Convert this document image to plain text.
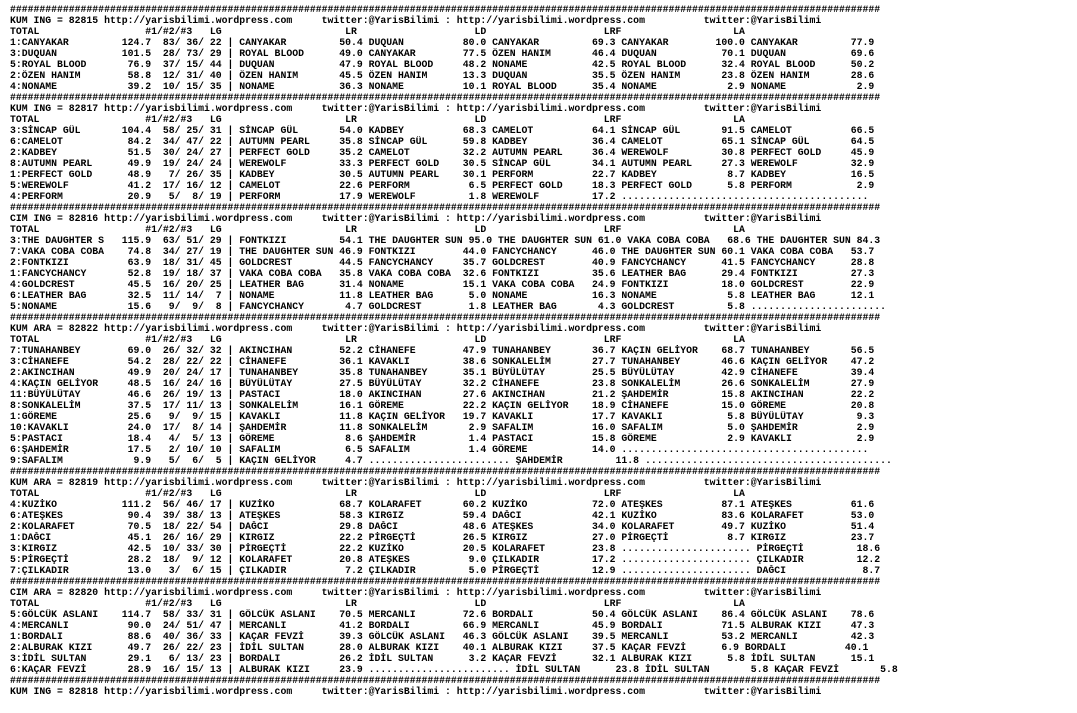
####################################################################################################################################################
KUM ING = 82815 http://yarisbilimi.wordpress.com     twitter:@YarisBilimi : http://yarisbilimi.wordpress.com          twitter:@YarisBilimi
TOTAL                  #1/#2/#3   LG                     LR                    LD                    LRF                   LA
1:CANYAKAR         124.7  83/ 36/ 22 | CANYAKAR         50.4 DUQUAN          80.0 CANYAKAR         69.3 CANYAKAR        100.0 CANYAKAR         77.9
3:DUQUAN           101.5  28/ 73/ 29 | ROYAL BLOOD      49.0 CANYAKAR        77.5 ÖZEN HANIM       46.4 DUQUAN           70.1 DUQUAN           69.6
5:ROYAL BLOOD       76.9  37/ 15/ 44 | DUQUAN           47.9 ROYAL BLOOD     48.2 NONAME           42.5 ROYAL BLOOD      32.4 ROYAL BLOOD      50.2
2:ÖZEN HANIM        58.8  12/ 31/ 40 | ÖZEN HANIM       45.5 ÖZEN HANIM      13.3 DUQUAN           35.5 ÖZEN HANIM       23.8 ÖZEN HANIM       28.6
4:NONAME            39.2  10/ 15/ 35 | NONAME           36.3 NONAME          10.1 ROYAL BLOOD      35.4 NONAME            2.9 NONAME            2.9
####################################################################################################################################################
KUM ING = 82817 http://yarisbilimi.wordpress.com     twitter:@YarisBilimi : http://yarisbilimi.wordpress.com          twitter:@YarisBilimi
TOTAL                  #1/#2/#3   LG                     LR                    LD                    LRF                   LA
3:SİNCAP GÜL       104.4  58/ 25/ 31 | SİNCAP GÜL       54.0 KADBEY          68.3 CAMELOT          64.1 SİNCAP GÜL       91.5 CAMELOT          66.5
6:CAMELOT           84.2  34/ 47/ 22 | AUTUMN PEARL     35.8 SİNCAP GÜL      59.8 KADBEY           36.4 CAMELOT          65.1 SİNCAP GÜL       64.5
2:KADBEY            51.5  30/ 24/ 27 | PERFECT GOLD     35.2 CAMELOT         32.2 AUTUMN PEARL     36.4 WEREWOLF         30.8 PERFECT GOLD     45.9
8:AUTUMN PEARL      49.9  19/ 24/ 24 | WEREWOLF         33.3 PERFECT GOLD    30.5 SİNCAP GÜL       34.1 AUTUMN PEARL     27.3 WEREWOLF         32.9
1:PERFECT GOLD      48.9   7/ 26/ 35 | KADBEY           30.5 AUTUMN PEARL    30.1 PERFORM          22.7 KADBEY            8.7 KADBEY           16.5
5:WEREWOLF          41.2  17/ 16/ 12 | CAMELOT          22.6 PERFORM          6.5 PERFECT GOLD     18.3 PERFECT GOLD      5.8 PERFORM           2.9
4:PERFORM           20.9   5/  8/ 19 | PERFORM          17.9 WEREWOLF         1.8 WEREWOLF         17.2 ..........................................
####################################################################################################################################################
CIM ING = 82816 http://yarisbilimi.wordpress.com     twitter:@YarisBilimi : http://yarisbilimi.wordpress.com          twitter:@YarisBilimi
TOTAL                  #1/#2/#3   LG                     LR                    LD                    LRF                   LA
3:THE DAUGHTER S   115.9  63/ 51/ 29 | FONTKIZI         54.1 THE DAUGHTER SUN 95.0 THE DAUGHTER SUN 61.0 VAKA COBA COBA   68.6 THE DAUGHTER SUN 84.3
7:VAKA COBA COBA    74.8  34/ 27/ 19 | THE DAUGHTER SUN 46.9 FONTKIZI        44.0 FANCYCHANCY      46.0 THE DAUGHTER SUN 60.1 VAKA COBA COBA   53.7
2:FONTKIZI          63.9  18/ 31/ 45 | GOLDCREST        44.5 FANCYCHANCY     35.7 GOLDCREST        40.9 FANCYCHANCY      41.5 FANCYCHANCY      28.8
1:FANCYCHANCY       52.8  19/ 18/ 37 | VAKA COBA COBA   35.8 VAKA COBA COBA  32.6 FONTKIZI         35.6 LEATHER BAG      29.4 FONTKIZI         27.3
4:GOLDCREST         45.5  16/ 20/ 25 | LEATHER BAG      31.4 NONAME          15.1 VAKA COBA COBA   24.9 FONTKIZI         18.0 GOLDCREST        22.9
6:LEATHER BAG       32.5  11/ 14/  7 | NONAME           11.8 LEATHER BAG      5.0 NONAME           16.3 NONAME            5.8 LEATHER BAG      12.1
5:NONAME            15.6   9/  9/  8 | FANCYCHANCY       4.7 GOLDCREST        1.8 LEATHER BAG       4.3 GOLDCREST         5.8 .......................
####################################################################################################################################################
KUM ARA = 82822 http://yarisbilimi.wordpress.com     twitter:@YarisBilimi : http://yarisbilimi.wordpress.com          twitter:@YarisBilimi
TOTAL                  #1/#2/#3   LG                     LR                    LD                    LRF                   LA
7:TUNAHANBEY        69.0  26/ 32/ 32 | AKINCIHAN        52.2 CİHANEFE        47.9 TUNAHANBEY       36.7 KAÇIN GELİYOR    68.7 TUNAHANBEY       56.5
3:CİHANEFE          54.2  28/ 22/ 22 | CİHANEFE         36.1 KAVAKLI         38.6 SONKALELİM       27.7 TUNAHANBEY       46.6 KAÇIN GELİYOR    47.2
2:AKINCIHAN         49.9  20/ 24/ 17 | TUNAHANBEY       35.8 TUNAHANBEY      35.1 BÜYÜLÜTAY        25.5 BÜYÜLÜTAY        42.9 CİHANEFE         39.4
4:KAÇIN GELİYOR     48.5  16/ 24/ 16 | BÜYÜLÜTAY        27.5 BÜYÜLÜTAY       32.2 CİHANEFE         23.8 SONKALELİM       26.6 SONKALELİM       27.9
11:BÜYÜLÜTAY        46.6  26/ 19/ 13 | PASTACI          18.0 AKINCIHAN       27.6 AKINCIHAN        21.2 ŞAHDEMİR         15.8 AKINCIHAN        22.2
8:SONKALELİM        37.5  17/ 11/ 13 | SONKALELİM       16.1 GÖREME          22.2 KAÇIN GELİYOR    18.9 CİHANEFE         15.0 GÖREME           20.8
1:GÖREME            25.6   9/  9/ 15 | KAVAKLI          11.8 KAÇIN GELİYOR   19.7 KAVAKLI          17.7 KAVAKLI           5.8 BÜYÜLÜTAY         9.3
10:KAVAKLI          24.0  17/  8/ 14 | ŞAHDEMİR         11.8 SONKALELİM       2.9 SAFALIM          16.0 SAFALIM           5.0 ŞAHDEMİR          2.9
5:PASTACI           18.4   4/  5/ 13 | GÖREME            8.6 ŞAHDEMİR         1.4 PASTACI          15.8 GÖREME            2.9 KAVAKLI           2.9
6:ŞAHDEMİR          17.5   2/ 10/ 10 | SAFALIM           6.5 SAFALIM          1.4 GÖREME           14.0 ..........................................
9:SAFALIM            9.9   5/  6/  5 | KAÇIN GELİYOR     4.7 ........................ ŞAHDEMİR         11.8 ..........................................
####################################################################################################################################################
KUM ARA = 82819 http://yarisbilimi.wordpress.com     twitter:@YarisBilimi : http://yarisbilimi.wordpress.com          twitter:@YarisBilimi
TOTAL                  #1/#2/#3   LG                     LR                    LD                    LRF                   LA
4:KUZİKO           111.2  56/ 46/ 17 | KUZİKO           68.7 KOLARAFET       60.2 KUZİKO           72.0 ATEŞKES          87.1 ATEŞKES          61.6
6:ATEŞKES           90.4  39/ 38/ 13 | ATEŞKES          58.3 KIRGIZ          59.4 DAĞCI            42.1 KUZİKO           83.6 KOLARAFET        53.0
2:KOLARAFET         70.5  18/ 22/ 54 | DAĞCI            29.8 DAĞCI           48.6 ATEŞKES          34.0 KOLARAFET        49.7 KUZİKO           51.4
1:DAĞCI             45.1  26/ 16/ 29 | KIRGIZ           22.2 PİRGEÇTİ        26.5 KIRGIZ           27.0 PİRGEÇTİ          8.7 KIRGIZ           23.7
3:KIRGIZ            42.5  10/ 33/ 30 | PİRGEÇTİ         22.2 KUZİKO          20.5 KOLARAFET        23.8 ...................... PİRGEÇTİ         18.6
5:PİRGEÇTİ          28.2  18/  9/ 12 | KOLARAFET        20.8 ATEŞKES          9.0 ÇILKADIR         17.2 ...................... ÇILKADIR         12.2
7:ÇILKADIR          13.0   3/  6/ 15 | ÇILKADIR          7.2 ÇILKADIR         5.0 PİRGEÇTİ         12.9 ...................... DAĞCI             8.7
####################################################################################################################################################
CIM ARA = 82820 http://yarisbilimi.wordpress.com     twitter:@YarisBilimi : http://yarisbilimi.wordpress.com          twitter:@YarisBilimi
TOTAL                  #1/#2/#3   LG                     LR                    LD                    LRF                   LA
5:GÖLCÜK ASLANI    114.7  58/ 33/ 31 | GÖLCÜK ASLANI    70.5 MERCANLI        72.6 BORDALI          50.4 GÖLCÜK ASLANI    86.4 GÖLCÜK ASLANI    78.6
4:MERCANLI          90.0  24/ 51/ 47 | MERCANLI         41.2 BORDALI         66.9 MERCANLI         45.9 BORDALI          71.5 ALBURAK KIZI     47.3
1:BORDALI           88.6  40/ 36/ 33 | KAÇAR FEVZİ      39.3 GÖLCÜK ASLANI   46.3 GÖLCÜK ASLANI    39.5 MERCANLI         53.2 MERCANLI         42.3
2:ALBURAK KIZI      49.7  26/ 22/ 23 | İDİL SULTAN      28.0 ALBURAK KIZI    40.1 ALBURAK KIZI     37.5 KAÇAR FEVZİ      6.9 BORDALI          40.1
3:İDİL SULTAN       29.1   6/ 13/ 23 | BORDALI          26.2 İDİL SULTAN      3.2 KAÇAR FEVZİ      32.1 ALBURAK KIZI      5.8 İDİL SULTAN      15.1
6:KAÇAR FEVZİ       28.9  16/ 15/ 13 | ALBURAK KIZI     23.9 ........................ İDİL SULTAN      23.8 İDİL SULTAN       5.8 KAÇAR FEVZİ       5.8
####################################################################################################################################################
KUM ING = 82818 http://yarisbilimi.wordpress.com     twitter:@YarisBilimi : http://yarisbilimi.wordpress.com          twitter:@YarisBilimi
